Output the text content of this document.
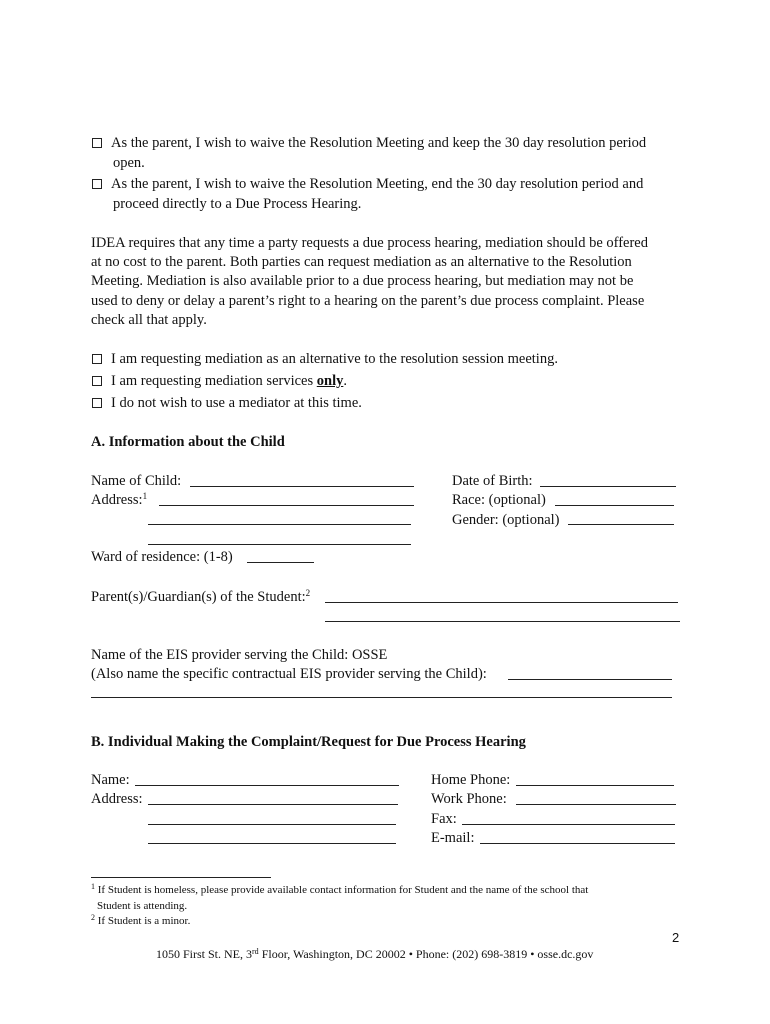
As the parent, I wish to waive the Resolution Meeting and keep the 30 day resolution period
open.
As the parent, I wish to waive the Resolution Meeting, end the 30 day resolution period and
proceed directly to a Due Process Hearing.
IDEA requires that any time a party requests a due process hearing, mediation should be offered
at no cost to the parent. Both parties can request mediation as an alternative to the Resolution
Meeting. Mediation is also available prior to a due process hearing, but mediation may not be
used to deny or delay a parent’s right to a hearing on the parent’s due process complaint. Please
check all that apply.
I am requesting mediation as an alternative to the resolution session meeting.
I am requesting mediation services only.
I do not wish to use a mediator at this time.
A. Information about the Child
Name of Child:
Address:$^1$
Date of Birth:
Race: (optional)
Gender: (optional)
Ward of residence: (1-8)
Parent(s)/Guardian(s) of the Student:$^2$
Name of the EIS provider serving the Child: OSSE
(Also name the specific contractual EIS provider serving the Child):
B. Individual Making the Complaint/Request for Due Process Hearing
Name:
Address:
Home Phone:
Work Phone:
Fax:
E-mail:
$^1$ If Student is homeless, please provide available contact information for Student and the name of the school that
Student is attending.
$^2$ If Student is a minor.
2
1050 First St. NE, 3rd Floor, Washington, DC 20002 • Phone: (202) 698-3819 • osse.dc.gov
